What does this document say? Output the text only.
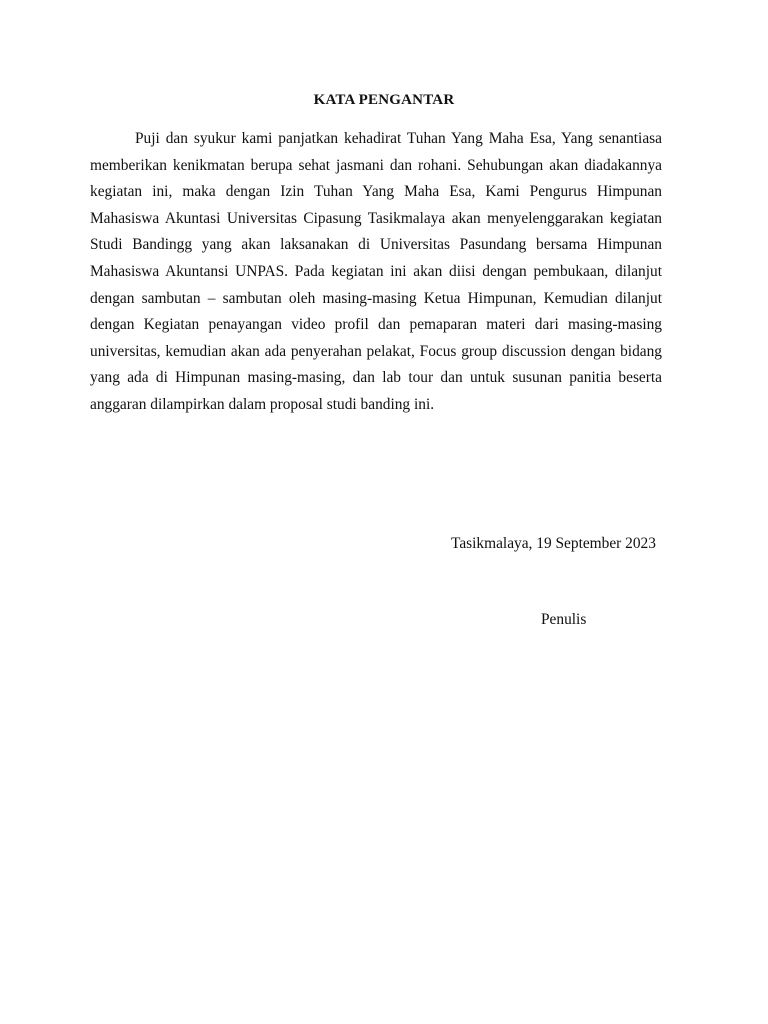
KATA PENGANTAR

Puji dan syukur kami panjatkan kehadirat Tuhan Yang Maha Esa, Yang senantiasa memberikan kenikmatan berupa sehat jasmani dan rohani. Sehubungan akan diadakannya kegiatan ini, maka dengan Izin Tuhan Yang Maha Esa, Kami Pengurus Himpunan Mahasiswa Akuntasi Universitas Cipasung Tasikmalaya akan menyelenggarakan kegiatan Studi Bandingg yang akan laksanakan di Universitas Pasundang bersama Himpunan Mahasiswa Akuntansi UNPAS. Pada kegiatan ini akan diisi dengan pembukaan, dilanjut dengan sambutan – sambutan oleh masing-masing Ketua Himpunan, Kemudian dilanjut dengan Kegiatan penayangan video profil dan pemaparan materi dari masing-masing universitas, kemudian akan ada penyerahan pelakat, Focus group discussion dengan bidang yang ada di Himpunan masing-masing, dan lab tour dan untuk susunan panitia beserta anggaran dilampirkan dalam proposal studi banding ini.

Tasikmalaya, 19 September 2023
Penulis
